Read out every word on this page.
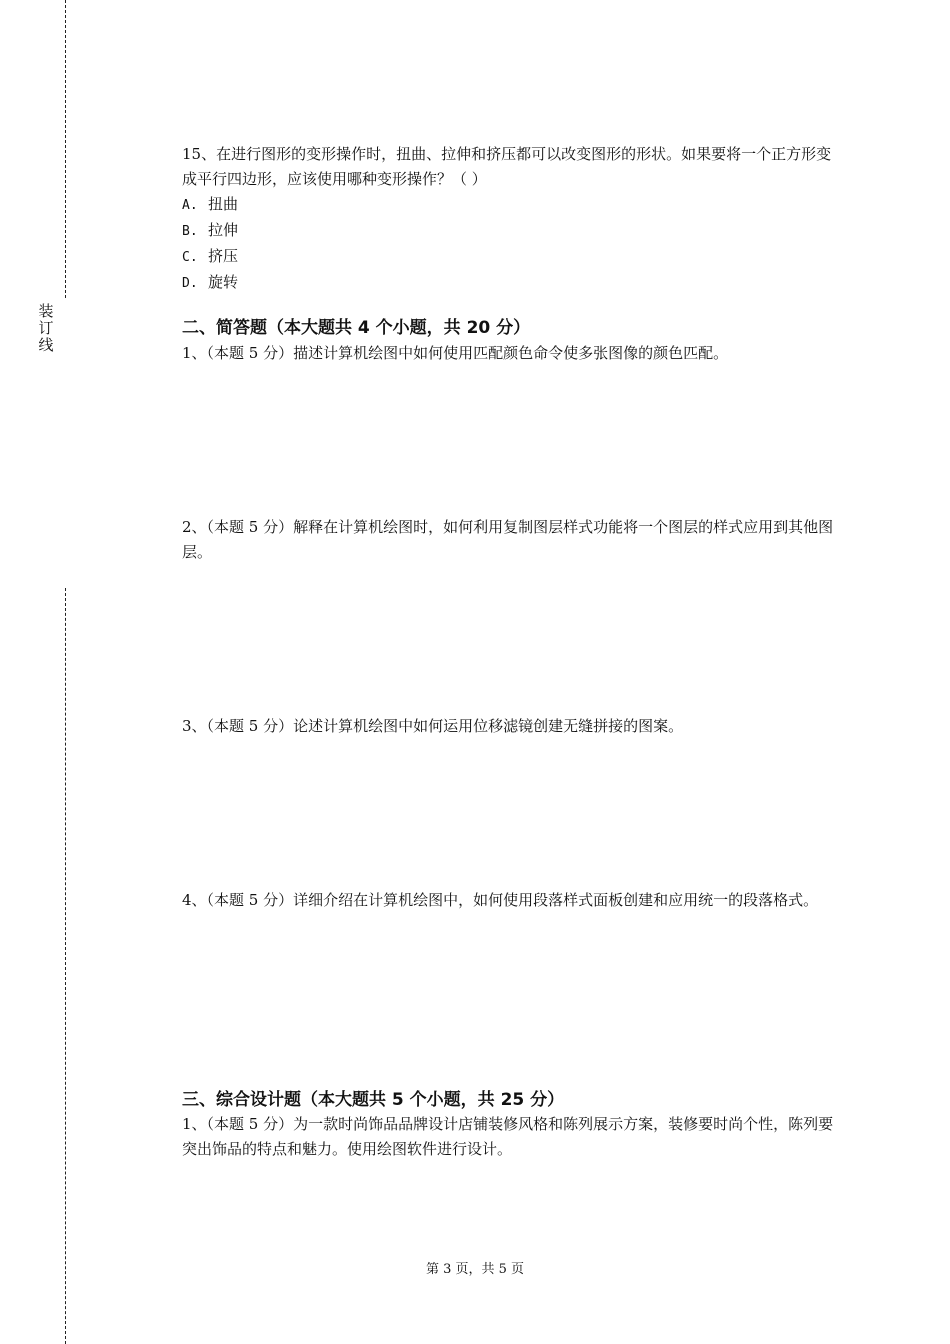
装
订
线

15、在进行图形的变形操作时，扭曲、拉伸和挤压都可以改变图形的形状。如果要将一个正方形变成平行四边形，应该使用哪种变形操作？（ ）

A. 扭曲

B. 拉伸

C. 挤压

D. 旋转

二、简答题（本大题共 4 个小题，共 20 分）

1、（本题 5 分）描述计算机绘图中如何使用匹配颜色命令使多张图像的颜色匹配。

2、（本题 5 分）解释在计算机绘图时，如何利用复制图层样式功能将一个图层的样式应用到其他图层。

3、（本题 5 分）论述计算机绘图中如何运用位移滤镜创建无缝拼接的图案。

4、（本题 5 分）详细介绍在计算机绘图中，如何使用段落样式面板创建和应用统一的段落格式。

三、综合设计题（本大题共 5 个小题，共 25 分）

1、（本题 5 分）为一款时尚饰品品牌设计店铺装修风格和陈列展示方案，装修要时尚个性，陈列要突出饰品的特点和魅力。使用绘图软件进行设计。

第 3 页，共 5 页
